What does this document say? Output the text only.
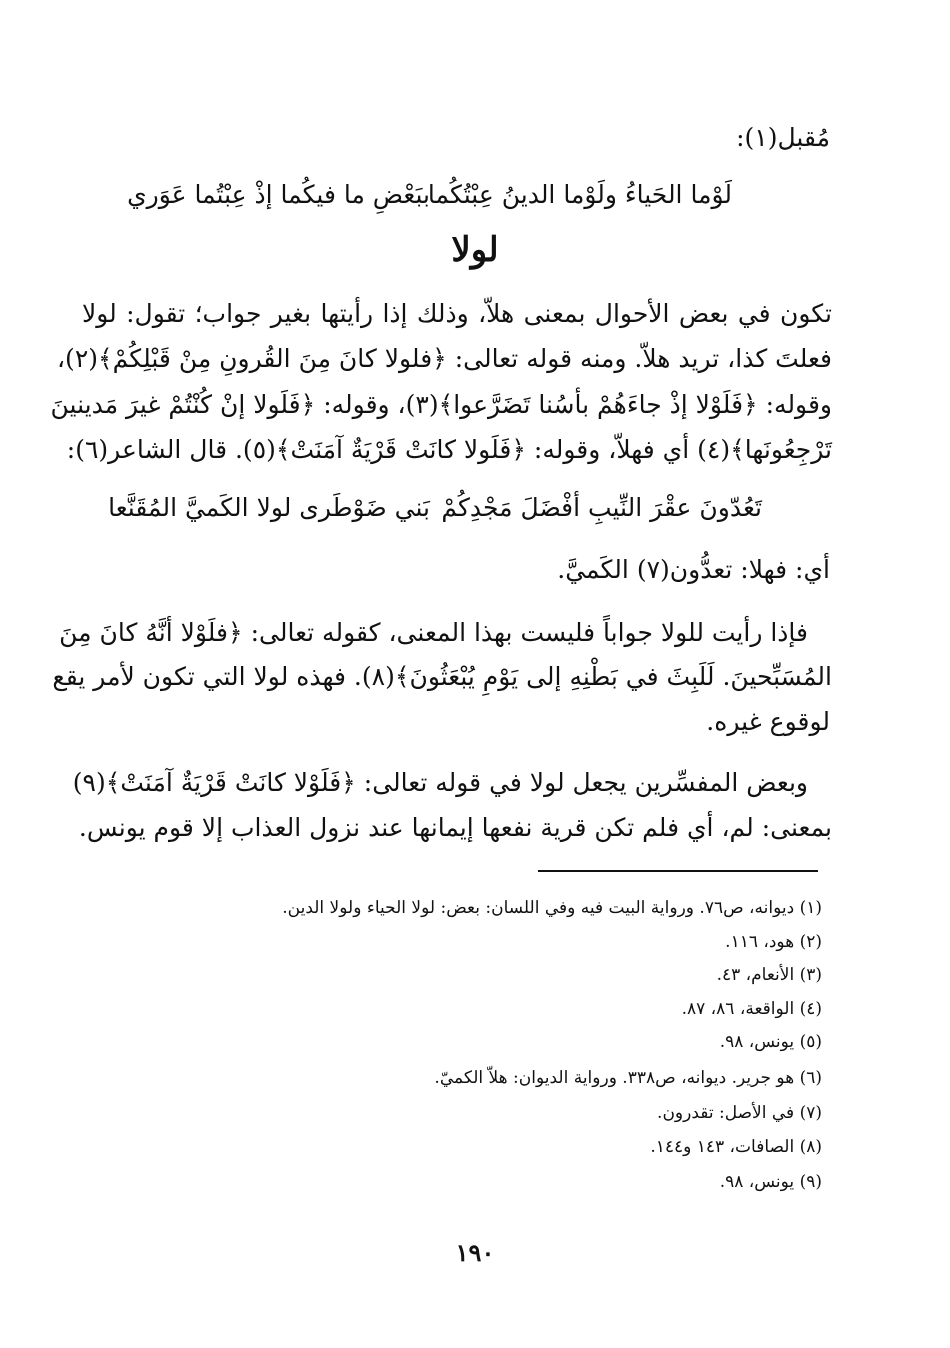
مُقبل(١):
لَوْما الحَياءُ ولَوْما الدينُ عِبْتُكُما
ببَعْضِ ما فيكُما إذْ عِبْتُما عَوَري
لولا
تكون في بعض الأحوال بمعنى هلاّ، وذلك إذا رأيتها بغير جواب؛ تقول: لولا
فعلتَ كذا، تريد هلاّ. ومنه قوله تعالى: ﴿فلولا كانَ مِنَ القُرونِ مِنْ قَبْلِكُمْ﴾(٢)،
وقوله: ﴿فَلَوْلا إذْ جاءَهُمْ بأسُنا تَضَرَّعوا﴾(٣)، وقوله: ﴿فَلَولا إنْ كُنْتُمْ غيرَ مَدينينَ
تَرْجِعُونَها﴾(٤) أي فهلاّ، وقوله: ﴿فَلَولا كانَتْ قَرْيَةٌ آمَنَتْ﴾(٥). قال الشاعر(٦):
تَعُدّونَ عقْرَ النِّيبِ أفْضَلَ مَجْدِكُمْ
بَني ضَوْطَرى لولا الكَميَّ المُقَنَّعا
أي: فهلا: تعدُّون(٧) الكَميَّ.
فإذا رأيت للولا جواباً فليست بهذا المعنى، كقوله تعالى: ﴿فلَوْلا أنَّهُ كانَ مِنَ
المُسَبِّحينَ. لَلَبِثَ في بَطْنِهِ إلى يَوْمِ يُبْعَثُونَ﴾(٨). فهذه لولا التي تكون لأمر يقع
لوقوع غيره.
وبعض المفسِّرين يجعل لولا في قوله تعالى: ﴿فَلَوْلا كانَتْ قَرْيَةٌ آمَنَتْ﴾(٩)
بمعنى: لم، أي فلم تكن قرية نفعها إيمانها عند نزول العذاب إلا قوم يونس.
(١) ديوانه، ص٧٦. ورواية البيت فيه وفي اللسان: بعض: لولا الحياء ولولا الدين.
(٢) هود، ١١٦.
(٣) الأنعام، ٤٣.
(٤) الواقعة، ٨٦، ٨٧.
(٥) يونس، ٩٨.
(٦) هو جرير. ديوانه، ص٣٣٨. ورواية الديوان: هلاّ الكميّ.
(٧) في الأصل: تقدرون.
(٨) الصافات، ١٤٣ و١٤٤.
(٩) يونس، ٩٨.
١٩٠
